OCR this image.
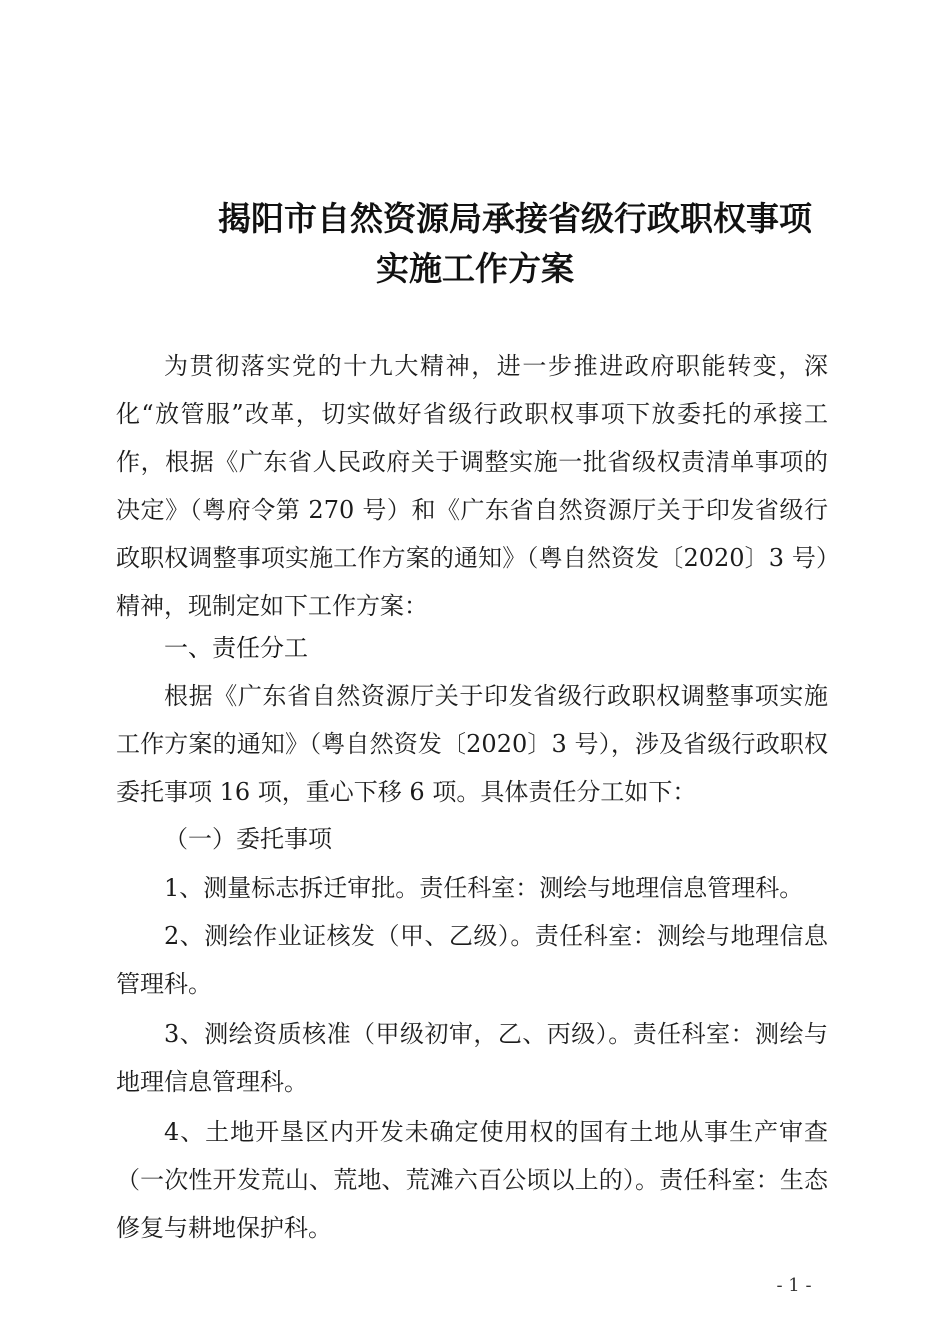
揭阳市自然资源局承接省级行政职权事项
实施工作方案

为贯彻落实党的十九大精神，进一步推进政府职能转变，深化“放管服”改革，切实做好省级行政职权事项下放委托的承接工作，根据《广东省人民政府关于调整实施一批省级权责清单事项的决定》（粤府令第 270 号）和《广东省自然资源厅关于印发省级行政职权调整事项实施工作方案的通知》（粤自然资发〔2020〕3 号）精神，现制定如下工作方案：

一、责任分工

根据《广东省自然资源厅关于印发省级行政职权调整事项实施工作方案的通知》（粤自然资发〔2020〕3 号），涉及省级行政职权委托事项 16 项，重心下移 6 项。具体责任分工如下：

（一）委托事项

1、测量标志拆迁审批。责任科室：测绘与地理信息管理科。

2、测绘作业证核发（甲、乙级）。责任科室：测绘与地理信息管理科。

3、测绘资质核准（甲级初审，乙、丙级）。责任科室：测绘与地理信息管理科。

4、土地开垦区内开发未确定使用权的国有土地从事生产审查（一次性开发荒山、荒地、荒滩六百公顷以上的）。责任科室：生态修复与耕地保护科。

- 1 -
